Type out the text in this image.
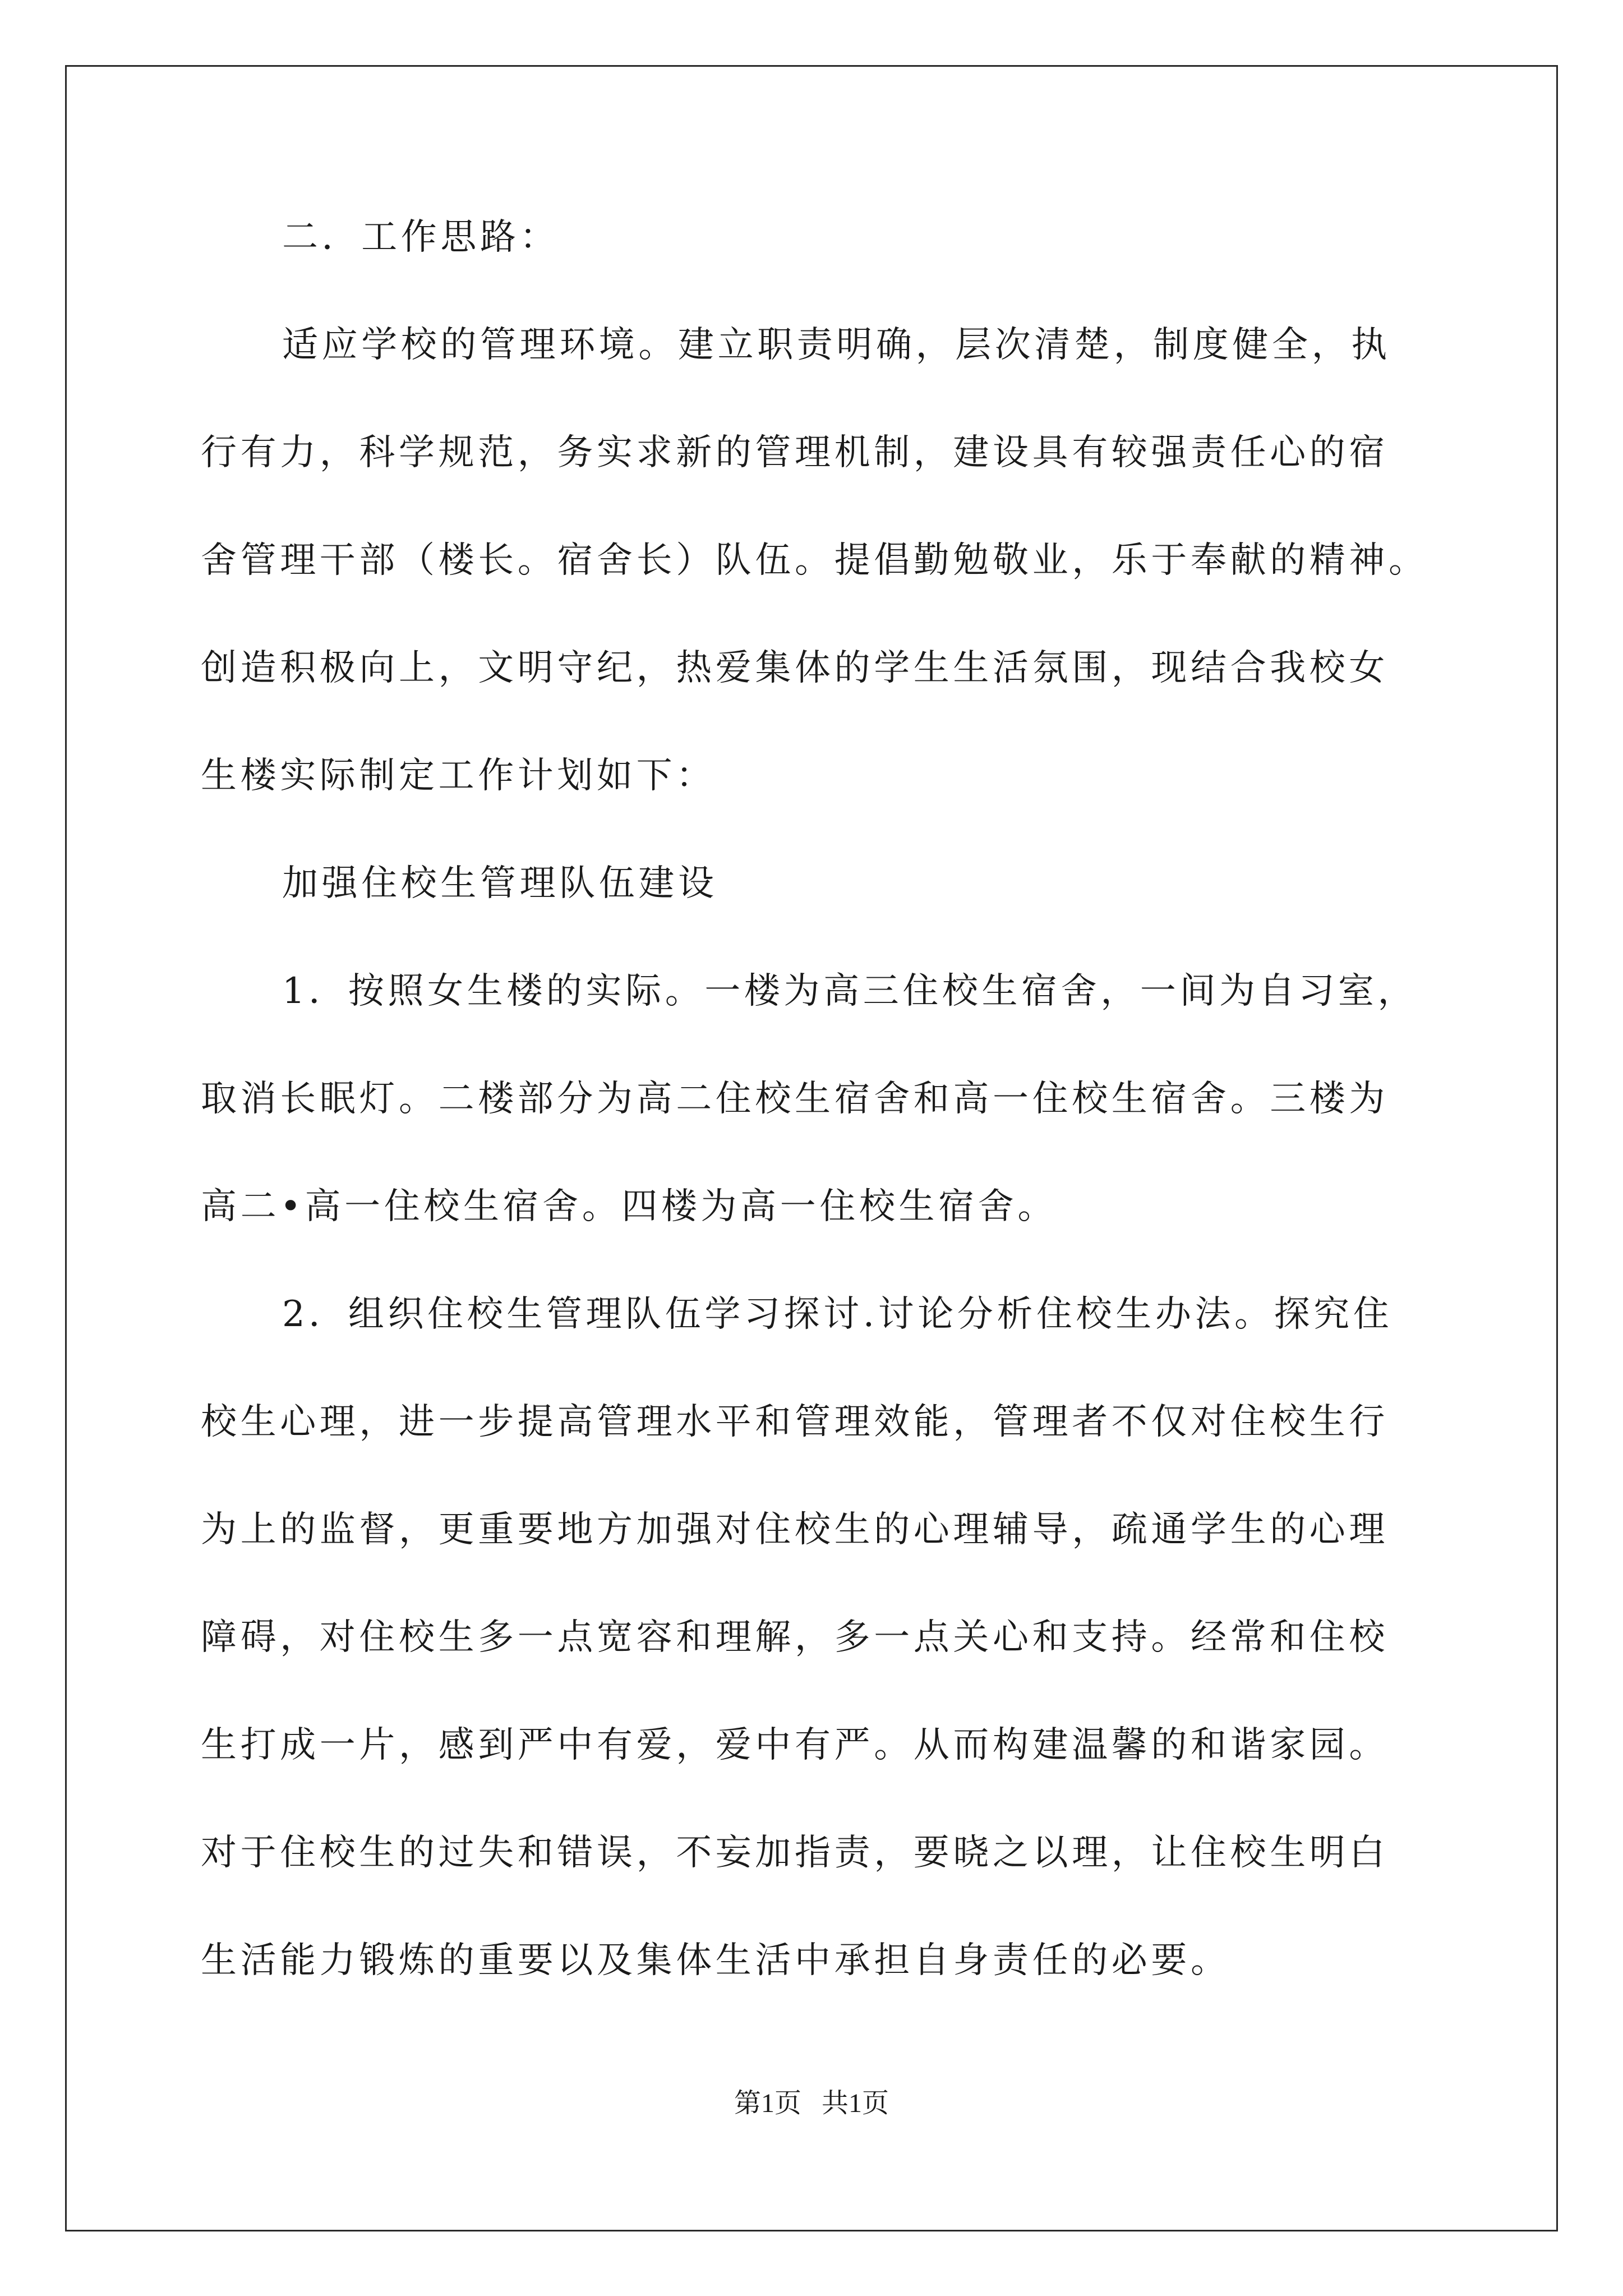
二．工作思路：

适应学校的管理环境。建立职责明确，层次清楚，制度健全，执

行有力，科学规范，务实求新的管理机制，建设具有较强责任心的宿

舍管理干部（楼长。宿舍长）队伍。提倡勤勉敬业，乐于奉献的精神。

创造积极向上，文明守纪，热爱集体的学生生活氛围，现结合我校女

生楼实际制定工作计划如下：

加强住校生管理队伍建设

1．按照女生楼的实际。一楼为高三住校生宿舍，一间为自习室，

取消长眠灯。二楼部分为高二住校生宿舍和高一住校生宿舍。三楼为

高二•高一住校生宿舍。四楼为高一住校生宿舍。

2．组织住校生管理队伍学习探讨.讨论分析住校生办法。探究住

校生心理，进一步提高管理水平和管理效能，管理者不仅对住校生行

为上的监督，更重要地方加强对住校生的心理辅导，疏通学生的心理

障碍，对住校生多一点宽容和理解，多一点关心和支持。经常和住校

生打成一片，感到严中有爱，爱中有严。从而构建温馨的和谐家园。

对于住校生的过失和错误，不妄加指责，要晓之以理，让住校生明白

生活能力锻炼的重要以及集体生活中承担自身责任的必要。

第1页   共1页
